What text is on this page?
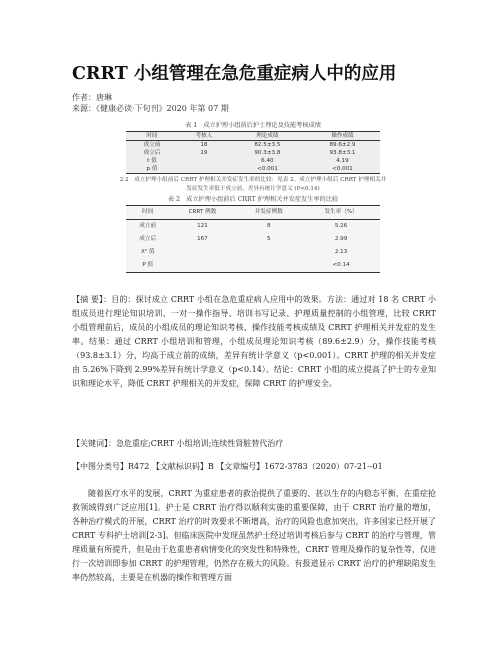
CRRT 小组管理在急危重症病人中的应用
作者：唐琳
来源：《健康必读·下旬刊》2020 年第 07 期
表 1　成立护理小组前后护士理论及技能考核成绩
时间	考核人	理论成绩	操作成绩
成立前	18	82.5±3.5	89.6±2.9
成立后	19	90.3±3.8	93.8±3.1
t 值		6.40	4.19
p 值		<0.001	<0.001
2.2　成立护理小组前后 CRRT 护理相关并发症发生率的比较：见表 2。成立护理小组后 CRRT 护理相关并发症发生率低于成立前，差异有统计学意义 (P<0.14)
表 2　成立护理小组前后 CRRT 护理相关并发症发生率的比较
时间	CRRT 例数	并发症例数	发生率（%）
成立前	121	8	5.26
成立后	167	5	2.99
X² 值			2.13
P 值			<0.14
【摘 要】：目的：探讨成立 CRRT 小组在急危重症病人应用中的效果。方法：通过对 18 名 CRRT 小组成员进行理论知识培训、一对一操作指导、培训书写记录、护理质量控制的小组管理，比较 CRRT 小组管理前后，成员的小组成员的理论知识考核、操作技能考核成绩及 CRRT 护理相关并发症的发生率。结果：通过 CRRT 小组培训和管理，小组成员理论知识考核（89.6±2.9）分，操作技能考核（93.8±3.1）分，均高于成立前的成绩，差异有统计学意义（p<0.001）。CRRT 护理的相关并发症由 5.26%下降到 2.99%差异有统计学意义（p<0.14）。结论：CRRT 小组的成立提高了护士的专业知识和理论水平，降低 CRRT 护理相关的并发症，保障 CRRT 的护理安全。
【关键词】：急危重症;CRRT 小组培训;连续性肾脏替代治疗
【中图分类号】R472 【文献标识码】B 【文章编号】1672-3783（2020）07-21--01

随着医疗水平的发展，CRRT 为重症患者的救治提供了重要的、甚以生存的内稳态平衡，在重症抢救领域得到广泛应用[1]。护士是 CRRT 治疗得以顺利实施的重要保障，由于 CRRT 治疗量的增加，各种治疗模式的开展，CRRT 治疗的时效要求不断增高，治疗的风险也愈加突出，许多国家已经开展了 CRRT 专科护士培训[2-3]。但临床医院中发现虽然护士经过培训考核后参与 CRRT 的治疗与管理，管理质量有所提升，但是由于危重患者病情变化的突发性和特殊性，CRRT 管理及操作的复杂性等，仅进行一次培训即参加 CRRT 的护理管理，仍然存在极大的风险。有报道显示 CRRT 治疗的护理缺陷发生率仍然较高，主要是在机器的操作和管理方面
